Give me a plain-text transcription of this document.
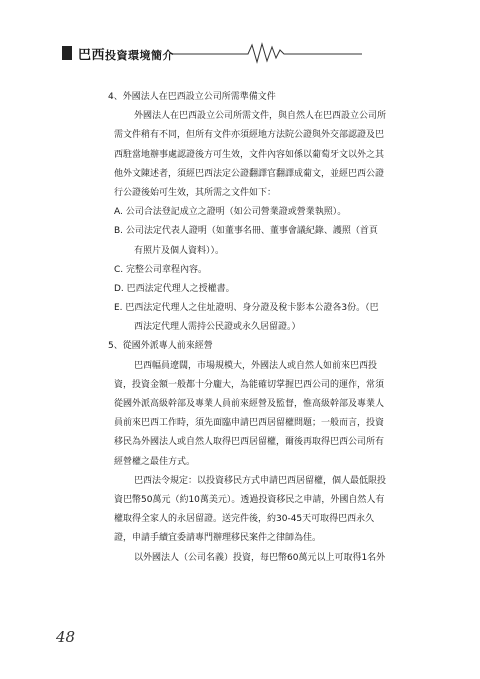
巴西投資環境簡介
4、外國法人在巴西設立公司所需準備文件
外國法人在巴西設立公司所需文件，與自然人在巴西設立公司所
需文件稍有不同，但所有文件亦須經地方法院公證與外交部認證及巴
西駐當地辦事處認證後方可生效，文件內容如係以葡萄牙文以外之其
他外文陳述者，須經巴西法定公證翻譯官翻譯成葡文，並經巴西公證
行公證後始可生效，其所需之文件如下：
A. 公司合法登記成立之證明（如公司營業證或營業執照）。
B. 公司法定代表人證明（如董事名冊、董事會議紀錄、護照（首頁
有照片及個人資料））。
C. 完整公司章程內容。
D. 巴西法定代理人之授權書。
E. 巴西法定代理人之住址證明、身分證及稅卡影本公證各3份。（巴
西法定代理人需持公民證或永久居留證。）
5、從國外派專人前來經營
巴西幅員遼闊，市場規模大，外國法人或自然人如前來巴西投
資，投資金額一般都十分龐大，為能確切掌握巴西公司的運作，常須
從國外派高級幹部及專業人員前來經營及監督，惟高級幹部及專業人
員前來巴西工作時，須先面臨申請巴西居留權問題；一般而言，投資
移民為外國法人或自然人取得巴西居留權，爾後再取得巴西公司所有
經營權之最佳方式。
巴西法令規定：以投資移民方式申請巴西居留權，個人最低限投
資巴幣50萬元（約10萬美元）。透過投資移民之申請，外國自然人有
權取得全家人的永居留證。送完件後，約30-45天可取得巴西永久
證，申請手續宜委請專門辦理移民案件之律師為佳。
以外國法人（公司名義）投資，每巴幣60萬元以上可取得1名外
48
